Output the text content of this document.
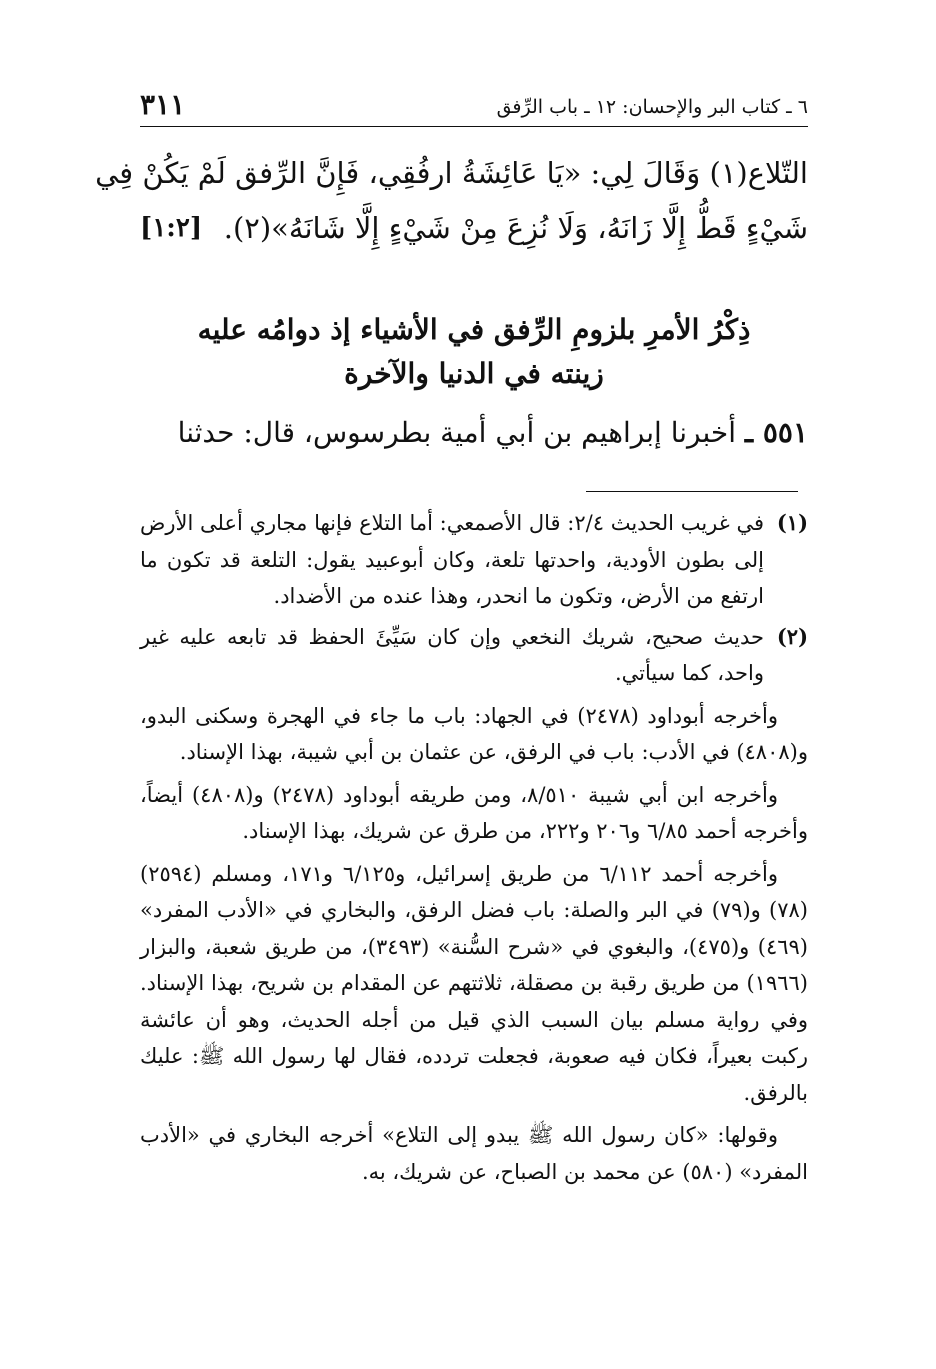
٦ ـ كتاب البر والإحسان: ١٢ ـ باب الرِّفق
٣١١
التّلاع(١) وَقَالَ لِي: «يَا عَائِشَةُ ارفُقِي، فَإِنَّ الرِّفق لَمْ يَكُنْ فِي
شَيْءٍ قَطُّ إِلَّا زَانَهُ، وَلَا نُزِعَ مِنْ شَيْءٍ إِلَّا شَانَهُ»(٢).
[١:٢]
ذِكْرُ الأمرِ بلزومِ الرِّفق في الأشياء إذ دوامُه عليه
زينته في الدنيا والآخرة
٥٥١ ـ أخبرنا إبراهيم بن أبي أمية بطرسوس، قال: حدثنا
(١)
في غريب الحديث ٢/٤: قال الأصمعي: أما التلاع فإنها مجاري أعلى الأرض إلى بطون الأودية، واحدتها تلعة، وكان أبوعبيد يقول: التلعة قد تكون ما ارتفع من الأرض، وتكون ما انحدر، وهذا عنده من الأضداد.
(٢)
حديث صحيح، شريك النخعي وإن كان سَيِّئَ الحفظ قد تابعه عليه غير واحد، كما سيأتي.

وأخرجه أبوداود (٢٤٧٨) في الجهاد: باب ما جاء في الهجرة وسكنى البدو، و(٤٨٠٨) في الأدب: باب في الرفق، عن عثمان بن أبي شيبة، بهذا الإسناد.

وأخرجه ابن أبي شيبة ٨/٥١٠، ومن طريقه أبوداود (٢٤٧٨) و(٤٨٠٨) أيضاً، وأخرجه أحمد ٦/٨٥ و٢٠٦ و٢٢٢، من طرق عن شريك، بهذا الإسناد.

وأخرجه أحمد ٦/١١٢ من طريق إسرائيل، و٦/١٢٥ و١٧١، ومسلم (٢٥٩٤) (٧٨) و(٧٩) في البر والصلة: باب فضل الرفق، والبخاري في «الأدب المفرد» (٤٦٩) و(٤٧٥)، والبغوي في «شرح السُّنة» (٣٤٩٣)، من طريق شعبة، والبزار (١٩٦٦) من طريق رقبة بن مصقلة، ثلاثتهم عن المقدام بن شريح، بهذا الإسناد. وفي رواية مسلم بيان السبب الذي قيل من أجله الحديث، وهو أن عائشة ركبت بعيراً، فكان فيه صعوبة، فجعلت تردده، فقال لها رسول الله ﷺ: عليك بالرفق.

وقولها: «كان رسول الله ﷺ يبدو إلى التلاع» أخرجه البخاري في «الأدب المفرد» (٥٨٠) عن محمد بن الصباح، عن شريك، به.
